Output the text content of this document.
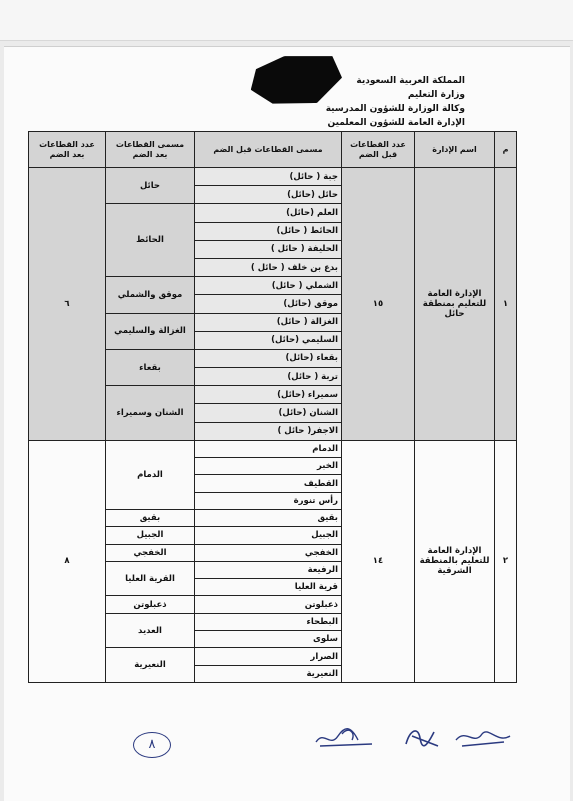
المملكة العربية السعودية
وزارة التعليم
وكالة الوزارة للشؤون المدرسية
الإدارة العامة للشؤون المعلمين
م	اسم الإدارة	عدد القطاعات قبل الضم	مسمى القطاعات قبل الضم	مسمى القطاعات بعد الضم	عدد القطاعات بعد الضم
١	الإدارة العامة للتعليم بمنطقة حائل	١٥	جبة ( حائل)	حائل	٦
			حائل (حائل)		
			العلم (حائل)	الحائط	
			الحائط ( حائل)		
			الحليفة ( حائل )		
			بدع بن خلف ( حائل )		
			الشملي ( حائل)	موقق والشملي	
			موقق (حائل)		
			الغزالة ( حائل)	الغزالة والسليمي	
			السليمي (حائل)		
			بقعاء (حائل)	بقعاء	
			تربة ( حائل)		
			سميراء (حائل)	الشنان وسميراء	
			الشنان (حائل)		
			الاجفر( حائل )		
٢	الإدارة العامة للتعليم بالمنطقة الشرقية	١٤	الدمام	الدمام	٨
			الخبر		
			القطيف		
			رأس تنورة		
			بقيق	بقيق	
			الجبيل	الجبيل	
			الخفجي	الخفجي	
			الرفيعة	القرية العليا	
			قرية العليا		
			ذعبلوتن	ذعبلوتن	
			البطحاء	العديد	
			سلوى		
			الصرار	النعيرية	
			النعيرية		
٨
